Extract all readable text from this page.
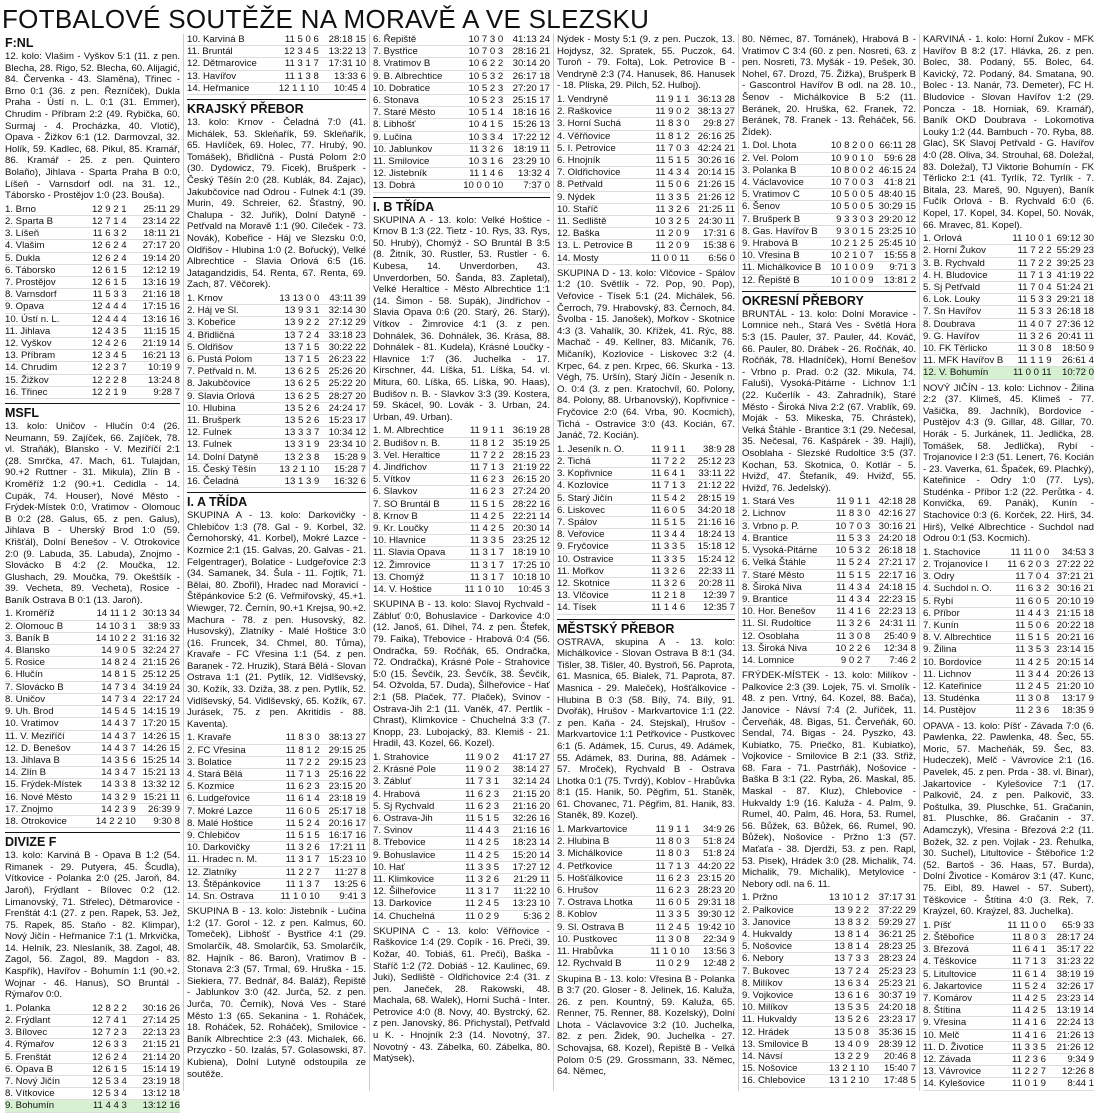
FOTBALOVÉ SOUTĚŽE NA MORAVĚ A VE SLEZSKU
F:NL
12. kolo: Vlašim - Vyškov 5:1 (11. z pen. Blecha, 28. Rigo, 52. Blecha, 60. Alijagić, 84. Červenka - 43. Slaměna), Třinec - Brno 0:1 (36. z pen. Řezníček), Dukla Praha - Ústí n. L. 0:1 (31. Emmer), Chrudim - Příbram 2:2 (49. Rybička, 60. Surmaj - 4. Procházka, 40. Vlotič), Opava - Žižkov 6:1 (12. Darmovzal, 32. Holík, 59. Kadlec, 68. Pikul, 85. Kramář, 86. Kramář - 25. z pen. Quintero Bolaño), Jihlava - Sparta Praha B 0:0, Líšeň - Varnsdorf odl. na 31. 12., Táborsko - Prostějov 1:0 (23. Bouša).
1. Brno	12 9 2 1	25:11 29
2. Sparta B	12 7 1 4	23:14 22
3. Líšeň	11 6 3 2	18:11 21
4. Vlašim	12 6 2 4	27:17 20
5. Dukla	12 6 2 4	19:14 20
6. Táborsko	12 6 1 5	12:12 19
7. Prostějov	12 6 1 5	13:16 19
8. Varnsdorf	11 5 3 3	21:16 18
9. Opava	12 4 4 4	17:15 16
10. Ústí n. L.	12 4 4 4	13:16 16
11. Jihlava	12 4 3 5	11:15 15
12. Vyškov	12 4 2 6	21:19 14
13. Příbram	12 3 4 5	16:21 13
14. Chrudim	12 2 3 7	10:19 9
15. Žižkov	12 2 2 8	13:24 8
16. Třinec	12 2 1 9	9:28 7
MSFL
13. kolo: Uničov - Hlučín 0:4 (26. Neumann, 59. Zajíček, 66. Zajíček, 78. vl. Straňák), Blansko - V. Meziříčí 2:1 (28. Smrčka, 47. Mach, 61. Tulajdan, 90.+2 Ruttner - 31. Mikula), Zlín B - Kroměříž 1:2 (90.+1. Cedidla - 14. Cupák, 74. Houser), Nové Město - Frýdek-Místek 0:0, Vratimov - Olomouc B 0:2 (28. Galus, 65. z pen. Galus), Jihlava B - Uherský Brod 1:0 (59. Křišťál), Dolní Benešov - V. Otrokovice 2:0 (9. Labuda, 35. Labuda), Znojmo - Slovácko B 4:2 (2. Moučka, 12. Glushach, 29. Moučka, 79. Okeštšík - 39. Vecheta, 89. Vecheta), Rosice - Baník Ostrava B 0:1 (13. Jaroň).
1. Kroměříž	14 11 1 2	30:13 34
2. Olomouc B	14 10 3 1	38:9 33
3. Baník B	14 10 2 2	31:16 32
4. Blansko	14 9 0 5	32:24 27
5. Rosice	14 8 2 4	21:15 26
6. Hlučín	14 8 1 5	25:12 25
7. Slovácko B	14 7 3 4	34:19 24
8. Uničov	14 7 3 4	22:17 24
9. Uh. Brod	14 5 4 5	14:15 19
10. Vratimov	14 4 3 7	17:20 15
11. V. Meziříčí	14 4 3 7	14:26 15
12. D. Benešov	14 4 3 7	14:26 15
13. Jihlava B	14 3 5 6	15:25 14
14. Zlín B	14 3 4 7	15:21 13
15. Frýdek-Místek	14 3 3 8	13:32 12
16. Nové Město	14 3 2 9	15:21 11
17. Znojmo	14 2 3 9	26:39 9
18. Otrokovice	14 2 2 10	9:30 8
DIVIZE F
13. kolo: Karviná B - Opava B 1:2 (54. Rimanek - 29. Putyera, 45. Šcudla), Vítkovice - Polanka 2:0 (25. Jaroň, 84. Jaroň), Frýdlant - Bílovec 0:2 (12. Limanovský, 71. Střelec), Dětmarovice - Frenštát 4:1 (27. z pen. Rapek, 53. Jež, 75. Rapek, 85. Staňo - 82. Klimpar), Nový Jičín - Heřmanice 7:1 (1. Mrkvička, 14. Helník, 23. Nleslaník, 38. Zagol, 48. Zagol, 56. Zagol, 89. Magdon - 83. Kaspřík), Havířov - Bohumín 1:1 (90.+2. Wojnar - 46. Hanus), SO Bruntál - Rýmařov 0:0.
1. Polanka	12 8 2 2	30:16 26
2. Frýdlant	12 7 4 1	27:14 25
3. Bílovec	12 7 2 3	22:13 23
4. Rýmařov	12 6 3 3	21:15 21
5. Frenštát	12 6 2 4	21:14 20
6. Opava B	12 6 1 5	15:14 19
7. Nový Jičín	12 5 3 4	23:19 18
8. Vítkovice	12 5 3 4	13:12 18
9. Bohumín	11 4 4 3	13:12 16
10. Karviná B	11 5 0 6	28:18 15
11. Bruntál	12 3 4 5	13:22 13
12. Dětmarovice	11 3 1 7	17:31 10
13. Havířov	11 1 3 8	13:33 6
14. Heřmanice	12 1 1 10	10:45 4
KRAJSKÝ PŘEBOR
13. kolo: Krnov - Čeladná 7:0 (41. Michálek, 53. Skleňařík, 59. Skleňařík, 65. Havlíček, 69. Holec, 77. Hrubý, 90. Tomášek), Břidličná - Pustá Polom 2:0 (30. Dydowicz, 79. Ficek), Brušperk - Český Těšín 2:0 (28. Kublák, 84. Zajac), Jakubčovice nad Odrou - Fulnek 4:1 (39. Murin, 49. Schreier, 62. Šťastný, 90. Chalupa - 32. Juřík), Dolní Datyně - Petřvald na Moravě 1:1 (90. Cileček - 73. Novák), Kobeřice - Háj ve Slezsku 0:0, Oldřišov - Hlubina 1:0 (2. Bořucký), Velké Albrechtice - Slavia Orlová 6:5 (16. Jatagandzidis, 54. Renta, 67. Renta, 69. Zach, 87. Věčorek).
1. Krnov	13 13 0 0	43:11 39
2. Háj ve Sl.	13 9 3 1	32:14 30
3. Kobeřice	13 9 2 2	27:12 29
4. Břidličná	13 7 2 4	33:18 23
5. Oldřišov	13 7 1 5	30:22 22
6. Pustá Polom	13 7 1 5	26:23 22
7. Petřvald n. M.	13 6 2 5	25:26 20
8. Jakubčovice	13 6 2 5	25:22 20
9. Slavia Orlová	13 6 2 5	28:27 20
10. Hlubina	13 5 2 6	24:24 17
11. Brušperk	13 5 2 6	15:23 17
12. Fulnek	13 3 3 7	10:34 12
13. Fulnek	13 3 1 9	23:34 10
14. Dolní Datyně	13 2 3 8	15:28 9
15. Český Těšín	13 2 1 10	15:28 7
16. Čeladná	13 1 3 9	16:32 6
I. A TŘÍDA
SKUPINA A - 13. kolo: Darkovičky - Chlebičov 1:3 (78. Gal - 9. Korbel, 32. Černohorský, 41. Korbel), Mokré Lazce - Kozmice 2:1 (15. Galvas, 20. Galvas - 21. Felgentrager), Bolatice - Ludgeřovice 2:3 (34. Samanek, 34. Šula - 11. Fojtík, 71. Bělai, 80. Zbořil), Hradec nad Moravicí - Štěpánkovice 5:2 (6. Veřmiřovský, 45.+1. Wiewger, 72. Černín, 90.+1 Krejsa, 90.+2. Machura - 78. z pen. Husovský, 82. Husovský), Zlatníky - Malé Hoštice 3:0 (16. Fruncek, 34. Chmel, 80. Tůma), Kravaře - FC Vřesina 1:1 (54. z pen. Baranek - 72. Hruzik), Stará Bělá - Slovan Ostrava 1:1 (21. Pytlík, 12. Vidlševský, 30. Kožík, 33. Dziža, 38. z pen. Pytlík, 52. Vidlševský, 54. Vidlševský, 65. Kožík, 67. Jurásek, 75. z pen. Akritidis - 88. Kaventa).
1. Kravaře	11 8 3 0	38:13 27
2. FC Vřesina	11 8 1 2	29:15 25
3. Bolatice	11 7 2 2	29:15 23
4. Stará Bělá	11 7 1 3	25:16 22
5. Kozmice	11 6 2 3	23:15 20
6. Ludgeřovice	11 6 1 4	23:18 19
7. Mokré Lazce	11 6 0 5	25:17 18
8. Malé Hoštice	11 5 2 4	20:16 17
9. Chlebičov	11 5 1 5	16:17 16
10. Darkovičky	11 3 2 6	17:21 11
11. Hradec n. M.	11 3 1 7	15:23 10
12. Zlatníky	11 2 2 7	11:27 8
13. Štěpánkovice	11 1 3 7	13:25 6
14. Sn. Ostrava	11 1 0 10	9:41 3
SKUPINA B - 13. kolo: Jistebník - Lučina 1:2 (17. Gorol - 12. z pen. Kalmus, 60. Tomeček), Libhošť - Bystřice 4:1 (29. Smolarčík, 48. Smolarčík, 53. Smolarčík, 82. Hajník - 86. Baron), Vratimov B - Stonava 2:3 (57. Trmal, 69. Hruška - 15. Siekiera, 77. Bednář, 84. Baláž), Řepiště - Jablunkov 3:0 (42. Jurča, 52. z pen. Jurča, 70. Černík), Nová Ves - Staré Město 1:3 (65. Sekanina - 1. Roháček, 18. Roháček, 52. Roháček), Smilovice - Baník Albrechtice 2:3 (43. Michalek, 66. Przyczko - 50. Izalás, 57. Golasowski, 87. Kubiena), Dolní Lutyně odstoupila ze soutěže.
6. Řepiště	10 7 3 0	41:13 24
7. Bystřice	10 7 0 3	28:16 21
8. Vratimov B	10 6 2 2	30:14 20
9. B. Albrechtice	10 5 3 2	26:17 18
10. Dobratice	10 5 2 3	27:20 17
6. Stonava	10 5 2 3	25:15 17
7. Staré Město	10 5 1 4	18:16 16
8. Libhošť	10 4 1 5	15:26 13
9. Lučina	10 3 3 4	17:22 12
10. Jablunkov	11 3 2 6	18:19 11
11. Smilovice	10 3 1 6	23:29 10
12. Jistebník	11 1 4 6	13:32 4
13. Dobrá	10 0 0 10	7:37 0
I. B TŘÍDA
SKUPINA A - 13. kolo: Velké Hoštice - Krnov B 1:3 (22. Tietz - 10. Rys, 33. Rys, 50. Hrubý), Chomýž - SO Bruntál B 3:5 (8. Žitník, 30. Rustler, 53. Rustler - 6. Kubesa, 14. Unverdorben, 43. Unverdorben, 50. Šanda, 83. Zapletal), Velké Heraltice - Město Albrechtice 1:1 (14. Šimon - 58. Supák), Jindřichov - Slavia Opava 0:6 (20. Starý, 26. Starý), Vítkov - Žimrovice 4:1 (3. z pen. Dohnálek, 36. Dohnálek, 36. Krása, 88. Dohnálek - 81. Kudela), Krásné Loučky - Hlavnice 1:7 (36. Juchelka - 17. Kirschner, 44. Líška, 51. Líška, 54. vl. Mitura, 60. Líška, 65. Líška, 90. Haas), Budišov n. B. - Slavkov 3:3 (39. Kostera, 59. Skácel, 90. Lovák - 3. Urban, 24. Urban, 49. Urban).
1. M. Albrechtice	11 9 1 1	36:19 28
2. Budišov n. B.	11 8 1 2	35:19 25
3. Vel. Heraltice	11 7 2 2	28:15 23
4. Jindřichov	11 7 1 3	21:19 22
5. Vítkov	11 6 2 3	26:15 20
6. Slavkov	11 6 2 3	27:24 20
7. SO Bruntál B	11 5 1 5	28:22 16
8. Krnov B	11 4 2 5	22:21 14
9. Kr. Loučky	11 4 2 5	20:30 14
10. Hlavnice	11 3 3 5	23:25 12
11. Slavia Opava	11 3 1 7	18:19 10
12. Žimrovice	11 3 1 7	17:25 10
13. Chomýž	11 3 1 7	10:18 10
14. V. Hoštice	11 1 0 10	10:45 3
SKUPINA B - 13. kolo: Slavoj Rychvald - Zábluť 0:0, Bohuslavice - Darkovice 4:0 (12. Janoš, 61. Dihel, 74. z pen. Štefek, 79. Faika), Třebovice - Hrabová 0:4 (56. Ondračka, 59. Ročňák, 65. Ondračka, 72. Ondračka), Krásné Pole - Strahovice 5:0 (15. Ševčík, 23. Ševčík, 38. Ševčík, 54. Ožvolda, 57. Duda), Šilheřovice - Hať 2:1 (58. Plaček, 77. Plaček), Svinov - Ostrava-Jih 2:1 (11. Vaněk, 47. Pertlik - Chrast), Klimkovice - Chuchelná 3:3 (7. Knopp, 23. Lubojacký, 83. Klemiš - 21. Hradil, 43. Kozel, 66. Kozel).
1. Strahovice	11 9 0 2	41:17 27
2. Krásné Pole	11 9 0 2	38:14 27
3. Zábluť	11 7 3 1	32:14 24
4. Hrabová	11 6 2 3	21:15 20
5. Sj Rychvald	11 6 2 3	21:16 20
6. Ostrava-Jih	11 5 1 5	32:26 16
7. Svinov	11 4 4 3	21:16 16
8. Třebovice	11 4 2 5	18:23 14
9. Bohuslavice	11 4 2 5	15:20 14
10. Hať	11 3 3 5	17:27 12
11. Klimkovice	11 3 2 6	21:29 11
12. Šilheřovice	11 3 1 7	11:22 10
13. Darkovice	11 2 4 5	13:23 10
14. Chuchelná	11 0 2 9	5:36 2
SKUPINA C - 13. kolo: Věřňovice - Raškovice 1:4 (29. Copík - 16. Preči, 39. Kožar, 40. Tobiáš, 61. Preči), Baška - Staříč 1:2 (72. Dobiáš - 12. Kaulinec, 69. Juki), Sedliště - Oldřichovice 2:4 (31. z pen. Janeček, 28. Rakowski, 48. Machala, 68. Walek), Horní Suchá - Inter. Petrovice 4:0 (8. Novy, 40. Bystrcký, 62. z pen. Janovský, 86. Přichystal), Petřvald u K. - Hnojník 2:3 (14. Novotný, 37. Novotný - 43. Zábelka, 60. Zábelka, 80. Matýsek),
Nýdek - Mosty 5:1 (9. z pen. Puczok, 13. Hojdysz, 32. Spratek, 55. Puczok, 64. Turoň - 79. Folta), Lok. Petrovice B - Vendryně 2:3 (74. Hanusek, 86. Hanusek - 18. Pliska, 29. Pilch, 52. Hulboj).
1. Vendryně	11 9 1 1	36:13 28
2. Raškovice	11 9 0 2	38:13 27
3. Horní Suchá	11 8 3 0	29:8 27
4. Věřňovice	11 8 1 2	26:16 25
5. I. Petrovice	11 7 0 3	42:24 21
6. Hnojník	11 5 1 5	30:26 16
7. Oldřichovice	11 4 3 4	20:14 15
8. Petřvald	11 5 0 6	21:26 15
9. Nýdek	11 3 3 5	21:26 12
10. Staříč	11 3 2 6	21:25 11
11. Sedliště	10 3 2 5	24:30 11
12. Baška	11 2 0 9	17:31 6
13. L. Petrovice B	11 2 0 9	15:38 6
14. Mosty	11 0 0 11	6:56 0
SKUPINA D - 13. kolo: Vlčovice - Spálov 1:2 (10. Světlík - 72. Pop, 90. Pop), Veřovice - Tísek 5:1 (24. Michálek, 56. Čerroch, 79. Hrabovský, 83. Černoch, 84. Švolba - 15. Janošek), Mořkov - Skotnice 4:3 (3. Vahalík, 30. Křížek, 41. Rýc, 88. Machač - 49. Kellner, 83. Mičaník, 76. Mičaník), Kozlovice - Liskovec 3:2 (4. Krpec, 64. z pen. Krpec, 66. Skurka - 13. Végh, 75. Uršín), Starý Jičín - Jeseník n. O. 0:4 (3. z pen. Kratochvíl, 60. Polony, 84. Polony, 88. Urbanovský), Kopřivnice - Fryčovice 2:0 (64. Vrba, 90. Kocmich), Tichá - Ostravice 3:0 (43. Kocián, 67. Janáč, 72. Kocián).
1. Jeseník n. O.	11 9 1 1	38:9 28
2. Tichá	11 7 2 2	25:12 23
3. Kopřivnice	11 6 4 1	33:11 22
4. Kozlovice	11 7 1 3	21:12 22
5. Starý Jičín	11 5 4 2	28:15 19
6. Liskovec	11 6 0 5	34:20 18
7. Spálov	11 5 1 5	21:16 16
8. Veřovice	11 3 4 4	18:24 13
9. Fryčovice	11 3 3 5	15:18 12
10. Ostravice	11 3 3 5	15:24 12
11. Mořkov	11 3 2 6	22:33 11
12. Skotnice	11 3 2 6	20:28 11
13. Vlčovice	11 2 1 8	12:39 7
14. Tísek	11 1 4 6	12:35 7
MĚSTSKÝ PŘEBOR
OSTRAVA, skupina A - 13. kolo: Michálkovice - Slovan Ostrava B 8:1 (34. Tišler, 38. Tišler, 40. Bystroň, 56. Paprota, 61. Masnica, 65. Bialek, 71. Paprota, 87. Masnica - 29. Maleček), Hošťálkovice - Hlubina B 0:3 (58. Bílý, 74. Bílý, 91. Dvořák), Hrušov - Markvartovice 1:1 (22. z pen. Kaňa - 24. Stejskal), Hrušov - Markvartovice 1:1 Petřkovice - Pustkovec 6:1 (5. Adámek, 15. Curus, 49. Adámek, 55. Adámek, 83. Durina, 88. Adámek - 57. Mroček), Rychvald B - Ostrava Lhotka 0:1 (75. Tvrdý), Koblov - Hrabůvka 8:1 (15. Hanik, 50. Pěgřim, 51. Staněk, 61. Chovanec, 71. Pěgřim, 81. Hanik, 83. Staněk, 89. Kozel).
1. Markvartovice	11 9 1 1	34:9 26
2. Hlubina B	11 8 0 3	51:8 24
3. Michálkovice	11 8 0 3	51:8 24
4. Petřkovice	11 7 1 3	44:20 22
5. Hošťálkovice	11 6 2 3	23:15 20
6. Hrušov	11 6 2 3	28:23 20
7. Ostrava Lhotka	11 6 0 5	29:31 18
8. Koblov	11 3 3 5	39:30 12
9. Sl. Ostrava B	11 2 4 5	19:42 10
10. Pustkovec	11 3 0 8	22:34 9
11. Hrabůvka	11 1 0 10	13:56 3
12. Rychvald B	11 0 2 9	12:48 2
Skupina B - 13. kolo: Vřesina B - Polanka B 3:7 (20. Gloser - 8. Jelinek, 16. Kaluža, 26. z pen. Kountný, 59. Kaluža, 65. Renner, 75. Renner, 88. Kozelský), Dolní Lhota - Václavovice 3:2 (10. Juchelka, 82. z pen. Židek, 90. Juchelka - 27. Schovajsa, 68. Kozel), Řepiště B - Velká Polom 0:5 (29. Grossmann, 33. Němec, 64. Němec,
80. Němec, 87. Tománek), Hrabová B - Vratimov C 3:4 (60. z pen. Nosreti, 63. z pen. Nosreti, 73. Myšák - 19. Pešek, 30. Nohel, 67. Drozd, 75. Žižka), Brušperk B - Gascontrol Havířov B odl. na 28. 10., Šenov - Michálkovice B 5:2 (11. Beránek, 20. Hruška, 62. Franek, 72. Beránek, 78. Franek - 13. Řeháček, 56. Žídek).
1. Dol. Lhota	10 8 2 0 0	66:11 28
2. Vel. Polom	10 9 0 1 0	59:6 28
3. Polanka B	10 8 0 0 2	46:15 24
4. Václavovice	10 7 0 0 3	41:8 21
5. Vratimov C	10 5 0 0 5	48:40 15
6. Šenov	10 5 0 0 5	30:29 15
7. Brušperk B	9 3 3 0 3	29:20 12
8. Gas. Havířov B	9 3 0 1 5	23:25 10
9. Hrabová B	10 2 1 2 5	25:45 10
10. Vřesina B	10 2 1 0 7	15:55 8
11. Michálkovice B	10 1 0 0 9	9:71 3
12. Řepiště B	10 1 0 0 9	13:81 2
OKRESNÍ PŘEBORY
BRUNTÁL - 13. kolo: Dolní Moravice - Lomnice neh., Stará Ves - Světlá Hora 5:3 (15. Pauler, 37. Pauler, 44. Kováč, 66. Pauler, 80. Drábek - 26. Ročňák, 40. Ročňák, 78. Hladníček), Horní Benešov - Vrbno p. Prad. 0:2 (32. Mikula, 74. Faluši), Vysoká-Pitárne - Lichnov 1:1 (22. Kučerlík - 43. Zahradník), Staré Město - Široká Niva 2:2 (67. Vrablík, 69. Moják - 53. Mikeska, 75. Chrástek), Velká Štáhle - Brantice 3:1 (29. Nečesal, 35. Nečesal, 76. Kašpárek - 39. Hajlí), Osoblaha - Slezské Rudoltice 3:5 (37. Kochan, 53. Skotnica, 0. Kotlár - 5. Hvižď, 47. Štefaník, 49. Hvižď, 55. Hvižď, 76. Jedelský).
1. Stará Ves	11 9 1 1	42:18 28
2. Lichnov	11 8 3 0	42:16 27
3. Vrbno p. P.	10 7 0 3	30:16 21
4. Brantice	11 5 3 3	24:20 18
5. Vysoká-Pitárne	10 5 3 2	26:18 18
6. Velká Štáhle	11 5 2 4	27:21 17
7. Staré Město	11 5 1 5	22:17 16
8. Široká Niva	11 4 3 4	24:18 15
9. Brantice	11 4 3 4	22:23 15
10. Hor. Benešov	11 4 1 6	22:23 13
11. Sl. Rudoltice	11 3 2 6	24:31 11
12. Osoblaha	11 3 0 8	25:40 9
13. Široká Niva	10 2 2 6	12:34 8
14. Lomnice	9 0 2 7	7:46 2
FRÝDEK-MÍSTEK - 13. kolo: Milíkov - Palkovice 2:3 (39. Lojek, 75. vl. Smolík - 48. z pen. Vrtný, 64. Kozel, 88. Bača), Janovice - Návsí 7:4 (2. Juříček, 11. Červeňák, 48. Bigas, 51. Červeňák, 60. Sendal, 74. Bigas - 24. Pyszko, 43. Kubiatko, 75. Priečko, 81. Kubiatko), Vojkovice - Smilovice B 2:1 (33. Střiž, 68. Fara - 71. Pastrňák), Nošovice - Baška B 3:1 (22. Ryba, 26. Maskal, 85. Maskal - 87. Kluz), Chlebovice - Hukvaldy 1:9 (16. Kaluža - 4. Palm, 9. Rumel, 40. Palm, 46. Hora, 53. Rumel, 56. Bůžek, 63. Bůžek, 66. Rumel, 90. Bůžek), Nošovice - Pržno 1:3 (57. Maťaťa - 38. Djerdži, 53. z pen. Rapl, 53. Pisek), Hrádek 3:0 (28. Michalik, 74. Michalik, 79. Michalik), Metylovice - Nebory odl. na 6. 11.
1. Pržno	13 10 1 2	37:17 31
2. Palkovice	13 9 2 2	37:22 29
3. Janovice	13 8 3 2	59:29 27
4. Hukvaldy	13 8 1 4	36:21 25
5. Nošovice	13 8 1 4	28:23 25
6. Nebory	13 7 3 3	28:23 24
7. Bukovec	13 7 2 4	25:23 23
8. Milíkov	13 6 3 4	25:23 21
9. Vojkovice	13 6 1 6	30:37 19
10. Milíkov	13 5 3 5	24:20 18
11. Hukvaldy	13 5 2 6	23:23 17
12. Hrádek	13 5 0 8	35:36 15
13. Smilovice B	13 4 0 9	28:39 12
14. Návsí	13 2 2 9	20:46 8
15. Nošovice	13 2 1 10	15:40 7
16. Chlebovice	13 1 2 10	17:48 5
KARVINÁ - 1. kolo: Horní Žukov - MFK Havířov B 8:2 (17. Hlávka, 26. z pen. Bolec, 38. Podaný, 55. Bolec, 64. Kavický, 72. Podaný, 84. Smatana, 90. Bolec - 13. Nanár, 73. Demeter), FC H. Bludovice - Slovan Havířov 1:2 (29. Poncza - 18. Horniak, 69. Kramář), Baník OKD Doubrava - Lokomotiva Louky 1:2 (44. Bambuch - 70. Ryba, 88. Glac), SK Slavoj Petřvald - G. Havířov 4:0 (28. Oliva, 34. Strouhal, 68. Doležal, 83. Doležal), TJ Viktorie Bohumín - FK Těrlicko 2:1 (41. Tyrlík, 72. Tyrlík - 7. Bitala, 23. Mareš, 90. Nguyen), Baník Fučík Orlová - B. Rychvald 6:0 (6. Kopel, 17. Kopel, 34. Kopel, 50. Novák, 66. Mravec, 81. Kopel).
1. Orlová	11 10 0 1	69:12 30
2. Horní Žukov	11 7 2 2	55:29 23
3. B. Rychvald	11 7 2 2	39:25 23
4. H. Bludovice	11 7 1 3	41:19 22
5. Sj Petřvald	11 7 0 4	51:24 21
6. Lok. Louky	11 5 3 3	29:21 18
7. Sn Havířov	11 5 3 3	26:18 18
8. Doubrava	11 4 0 7	27:36 12
9. G. Havířov	11 3 2 6	20:41 11
10. FK Těrlicko	11 3 0 8	18:50 9
11. MFK Havířov B	11 1 1 9	26:61 4
12. V. Bohumín	11 0 0 11	10:72 0
NOVÝ JIČÍN - 13. kolo: Lichnov - Žilina 2:2 (37. Klimeš, 45. Klimeš - 77. Vašička, 89. Jachník), Bordovice - Pustějov 4:3 (9. Gillar, 48. Gillar, 70. Horák - 5. Jurkánek, 11. Jedlička, 28. Tomášek, 58. Jedlička), Rybí - Trojanovice I 2:3 (51. Lenert, 76. Kocián - 23. Vaverka, 61. Špaček, 69. Plachký), Kateřinice - Odry 1:0 (77. Lys), Studénka - Příbor 1:2 (22. Perůtka - 4. Konvička, 69. Panák), Kunín - Stachovice 0:3 (6. Korček, 22. Hirš, 34. Hirš), Velké Albrechtice - Suchdol nad Odrou 0:1 (53. Kocmich).
1. Stachovice	11 11 0 0	34:53 3
2. Trojanovice I	11 6 2 0 3	27:22 22
3. Odry	11 7 0 4	37:21 21
4. Suchdol n. O.	11 6 3 2	30:16 21
5. Rybí	11 6 0 5	20:10 19
6. Příbor	11 4 4 3	21:15 18
7. Kunín	11 5 0 6	20:22 18
8. V. Albrechtice	11 5 1 5	20:21 16
9. Žilina	11 3 5 3	23:14 15
10. Bordovice	11 4 2 5	20:15 14
11. Lichnov	11 3 4 4	20:26 13
12. Kateřinice	11 2 4 5	21:20 10
13. Studénka	11 3 0 8	13:17 9
14. Pustějov	11 2 3 6	18:35 9
OPAVA - 13. kolo: Píšť - Závada 7:0 (6. Pawlenka, 22. Pawlenka, 48. Šec, 55. Moric, 57. Macheňák, 59. Šec, 83. Hudeczek), Melč - Vávrovice 2:1 (16. Pavelek, 45. z pen. Prda - 38. vl. Binar), Jakartovice - Kylešovice 7:1 (17. Palkovič, 24. z pen. Palkovič, 33. Poštulka, 39. Pluschke, 51. Gračanin, 81. Pluschke, 86. Gračanin - 37. Adamczyk), Vřesina - Březová 2:2 (11. Božek, 32. z pen. Vojlak - 23. Řehulka, 30. Suchel), Litultovice - Štěbořice 1:2 (52. Bartoš - 36. Haas, 57. Burda), Dolní Životice - Komárov 3:1 (47. Kunc, 75. Eibl, 89. Hawel - 57. Subert), Těškovice - Štítina 4:0 (3. Rek, 7. Kraýzel, 60. Kraýzel, 83. Juchelka).
1. Píšť	11 11 0 0	65:9 33
2. Štěbořice	11 8 0 3	28:17 24
3. Březová	11 6 4 1	35:17 22
4. Těškovice	11 7 1 3	31:23 22
5. Litultovice	11 6 1 4	38:19 19
6. Jakartovice	11 5 2 4	32:26 17
7. Komárov	11 4 2 5	23:23 14
8. Štítina	11 4 2 5	13:19 14
9. Vřesina	11 4 1 6	22:24 13
10. Melč	11 4 1 6	21:26 13
11. D. Životice	11 3 3 5	21:26 12
12. Závada	11 2 3 6	9:34 9
13. Vávrovice	11 2 2 7	12:26 8
14. Kylešovice	11 0 1 9	8:44 1
